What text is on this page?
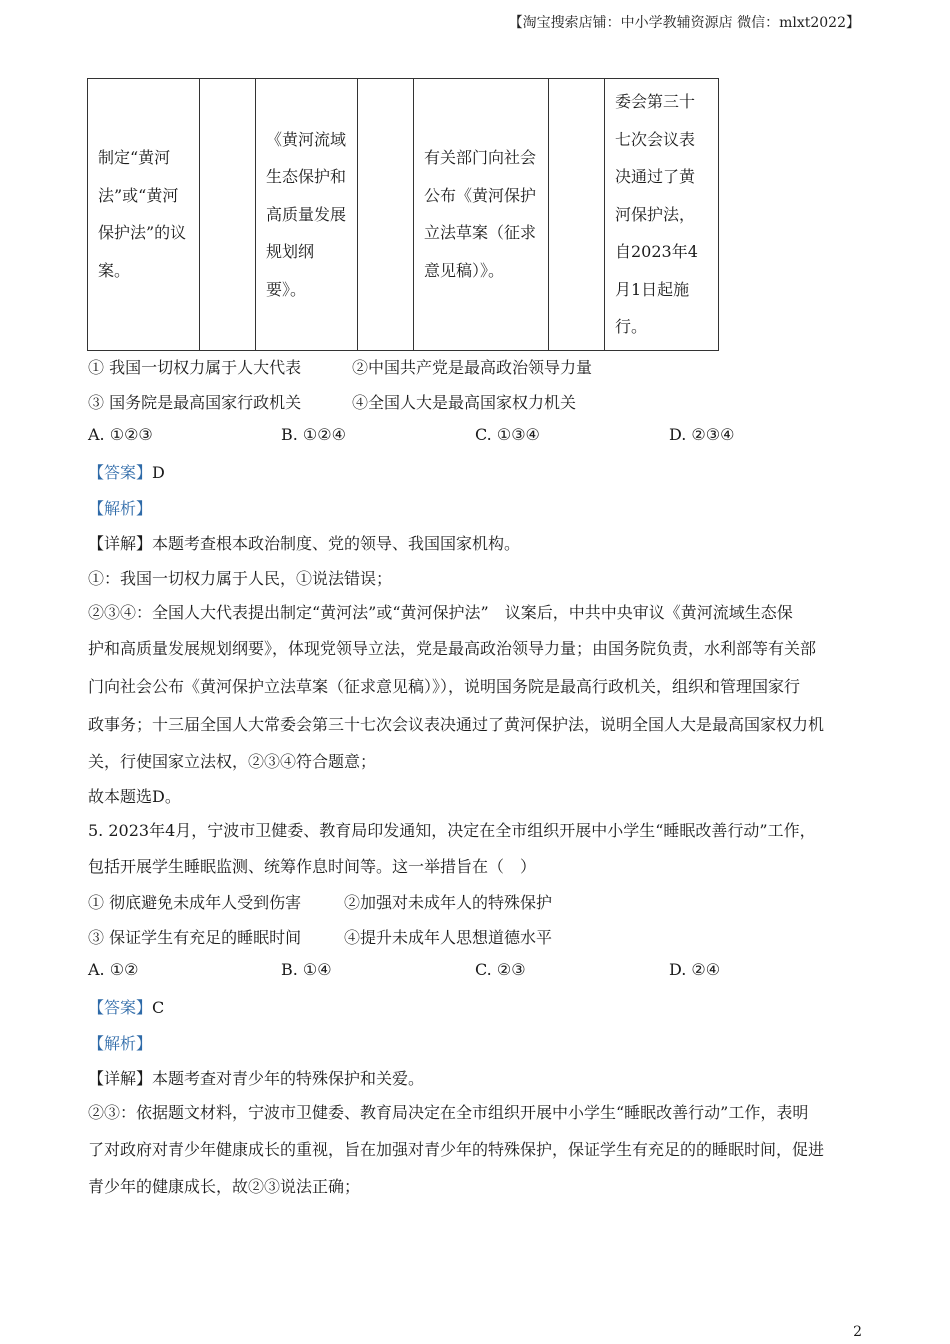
【淘宝搜索店铺：中小学教辅资源店 微信：mlxt2022】
制定“黄河法”或“黄河保护法”的议案。		《黄河流域生态保护和高质量发展规划纲要》。		有关部门向社会公布《黄河保护立法草案（征求意见稿）》。		委会第三十七次会议表决通过了黄河保护法，自2023年4月1日起施行。
① 我国一切权力属于人大代表	②中国共产党是最高政治领导力量
③ 国务院是最高国家行政机关	④全国人大是最高国家权力机关
A. ①②③	B. ①②④	C. ①③④	D. ②③④
【答案】D
【解析】
【详解】本题考查根本政治制度、党的领导、我国国家机构。
①：我国一切权力属于人民，①说法错误；
②③④：全国人大代表提出制定“黄河法”或“黄河保护法”　议案后，中共中央审议《黄河流域生态保
护和高质量发展规划纲要》，体现党领导立法，党是最高政治领导力量；由国务院负责，水利部等有关部
门向社会公布《黄河保护立法草案（征求意见稿）》），说明国务院是最高行政机关，组织和管理国家行
政事务；十三届全国人大常委会第三十七次会议表决通过了黄河保护法，说明全国人大是最高国家权力机
关，行使国家立法权，②③④符合题意；
故本题选D。
5. 2023年4月，宁波市卫健委、教育局印发通知，决定在全市组织开展中小学生“睡眠改善行动”工作，
包括开展学生睡眠监测、统筹作息时间等。这一举措旨在（　）
① 彻底避免未成年人受到伤害	②加强对未成年人的特殊保护
③ 保证学生有充足的睡眠时间	④提升未成年人思想道德水平
A. ①②	B. ①④	C. ②③	D. ②④
【答案】C
【解析】
【详解】本题考查对青少年的特殊保护和关爱。
②③：依据题文材料，宁波市卫健委、教育局决定在全市组织开展中小学生“睡眠改善行动”工作，表明
了对政府对青少年健康成长的重视，旨在加强对青少年的特殊保护，保证学生有充足的的睡眠时间，促进
青少年的健康成长，故②③说法正确；
2
